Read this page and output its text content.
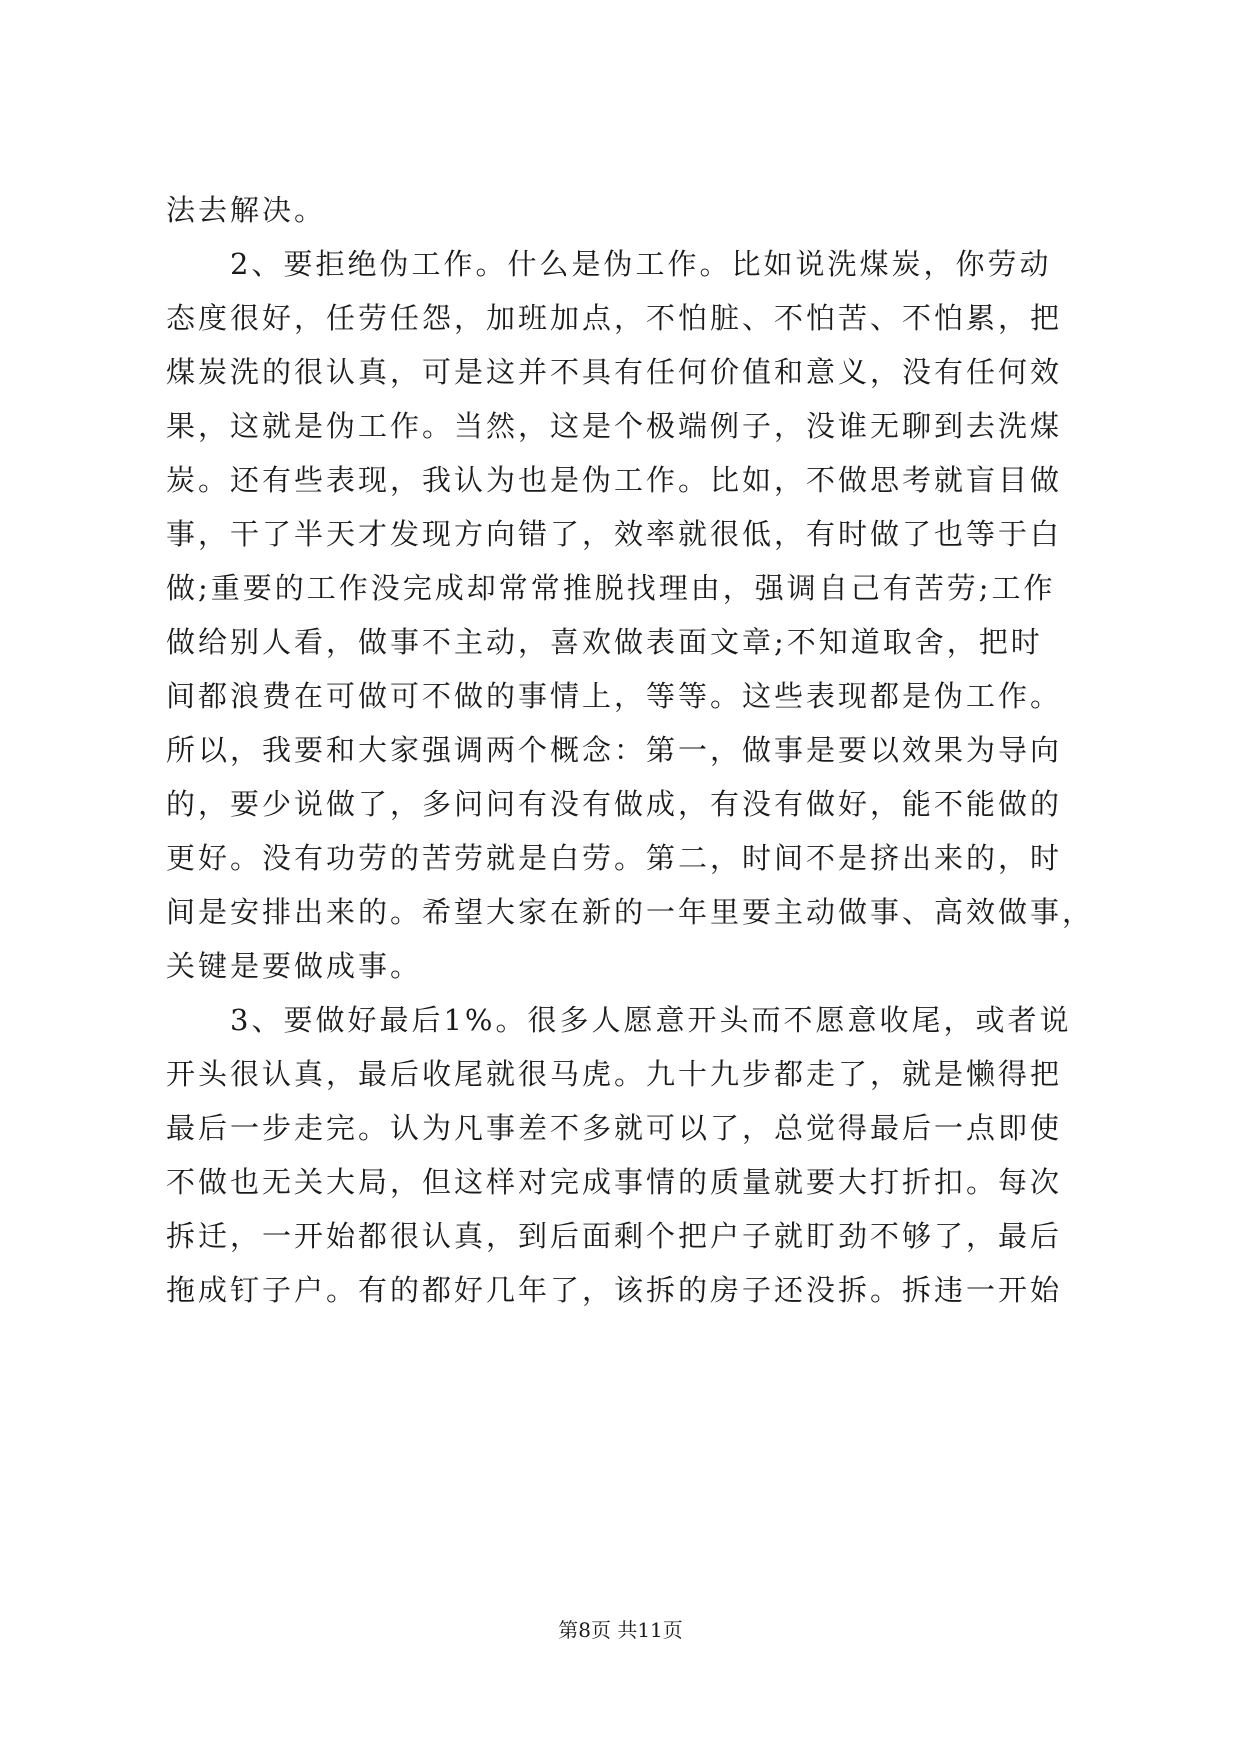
法去解决。
2、要拒绝伪工作。什么是伪工作。比如说洗煤炭，你劳动
态度很好，任劳任怨，加班加点，不怕脏、不怕苦、不怕累，把
煤炭洗的很认真，可是这并不具有任何价值和意义，没有任何效
果，这就是伪工作。当然，这是个极端例子，没谁无聊到去洗煤
炭。还有些表现，我认为也是伪工作。比如，不做思考就盲目做
事，干了半天才发现方向错了，效率就很低，有时做了也等于白
做;重要的工作没完成却常常推脱找理由，强调自己有苦劳;工作
做给别人看，做事不主动，喜欢做表面文章;不知道取舍，把时
间都浪费在可做可不做的事情上，等等。这些表现都是伪工作。
所以，我要和大家强调两个概念：第一，做事是要以效果为导向
的，要少说做了，多问问有没有做成，有没有做好，能不能做的
更好。没有功劳的苦劳就是白劳。第二，时间不是挤出来的，时
间是安排出来的。希望大家在新的一年里要主动做事、高效做事，
关键是要做成事。
3、要做好最后1%。很多人愿意开头而不愿意收尾，或者说
开头很认真，最后收尾就很马虎。九十九步都走了，就是懒得把
最后一步走完。认为凡事差不多就可以了，总觉得最后一点即使
不做也无关大局，但这样对完成事情的质量就要大打折扣。每次
拆迁，一开始都很认真，到后面剩个把户子就盯劲不够了，最后
拖成钉子户。有的都好几年了，该拆的房子还没拆。拆违一开始
第8页 共11页
